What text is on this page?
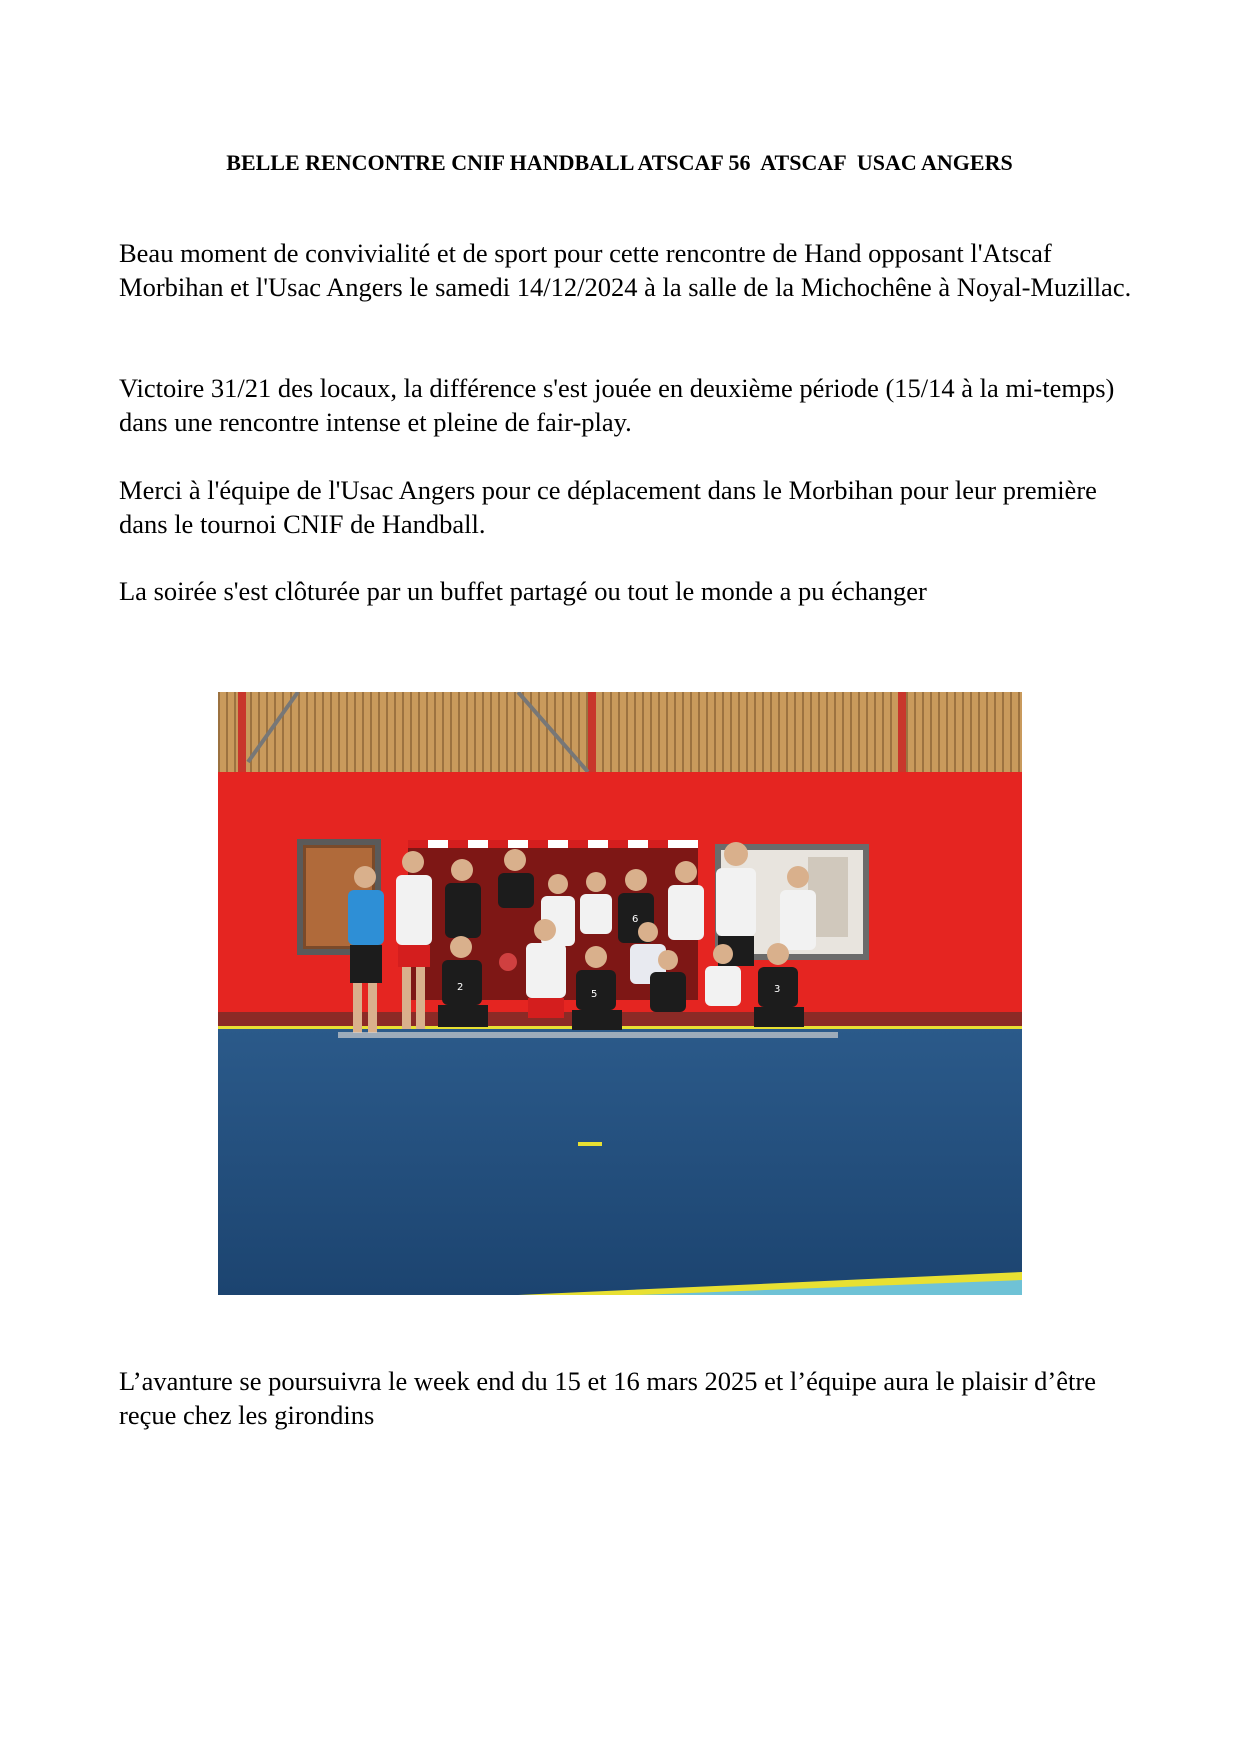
BELLE RENCONTRE CNIF HANDBALL ATSCAF 56  ATSCAF  USAC ANGERS

Beau moment de convivialité et de sport pour cette rencontre de Hand opposant l'Atscaf Morbihan et l'Usac Angers le samedi 14/12/2024 à la salle de la Michochêne à Noyal-Muzillac.

Victoire 31/21 des locaux, la différence s'est jouée en deuxième période (15/14 à la mi-temps) dans une rencontre intense et pleine de fair-play.

Merci à l'équipe de l'Usac Angers pour ce déplacement dans le Morbihan pour leur première dans le tournoi CNIF de Handball.

La soirée s'est clôturée par un buffet partagé ou tout le monde a pu échanger

6
2
5	3

L’avanture se poursuivra le week end du 15 et 16 mars 2025 et l’équipe aura le plaisir d’être reçue chez les girondins
